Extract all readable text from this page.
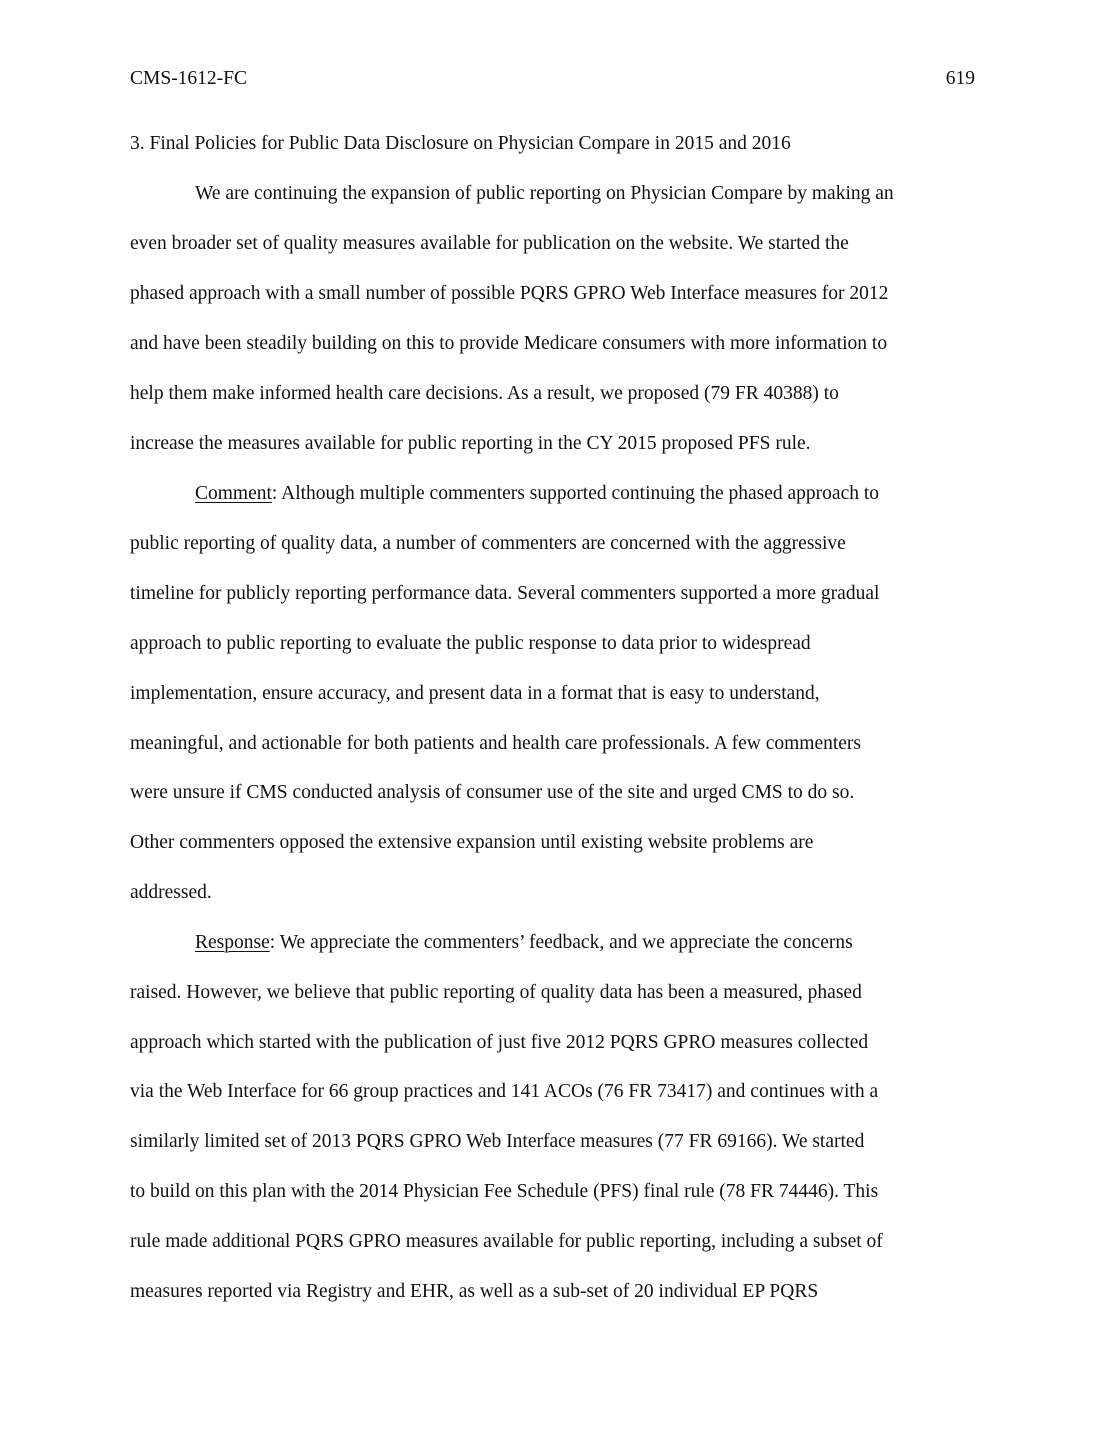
CMS-1612-FC	619
3. Final Policies for Public Data Disclosure on Physician Compare in 2015 and 2016
We are continuing the expansion of public reporting on Physician Compare by making an
even broader set of quality measures available for publication on the website. We started the
phased approach with a small number of possible PQRS GPRO Web Interface measures for 2012
and have been steadily building on this to provide Medicare consumers with more information to
help them make informed health care decisions. As a result, we proposed (79 FR 40388) to
increase the measures available for public reporting in the CY 2015 proposed PFS rule.
Comment: Although multiple commenters supported continuing the phased approach to
public reporting of quality data, a number of commenters are concerned with the aggressive
timeline for publicly reporting performance data. Several commenters supported a more gradual
approach to public reporting to evaluate the public response to data prior to widespread
implementation, ensure accuracy, and present data in a format that is easy to understand,
meaningful, and actionable for both patients and health care professionals. A few commenters
were unsure if CMS conducted analysis of consumer use of the site and urged CMS to do so.
Other commenters opposed the extensive expansion until existing website problems are
addressed.
Response: We appreciate the commenters’ feedback, and we appreciate the concerns
raised. However, we believe that public reporting of quality data has been a measured, phased
approach which started with the publication of just five 2012 PQRS GPRO measures collected
via the Web Interface for 66 group practices and 141 ACOs (76 FR 73417) and continues with a
similarly limited set of 2013 PQRS GPRO Web Interface measures (77 FR 69166). We started
to build on this plan with the 2014 Physician Fee Schedule (PFS) final rule (78 FR 74446). This
rule made additional PQRS GPRO measures available for public reporting, including a subset of
measures reported via Registry and EHR, as well as a sub-set of 20 individual EP PQRS
